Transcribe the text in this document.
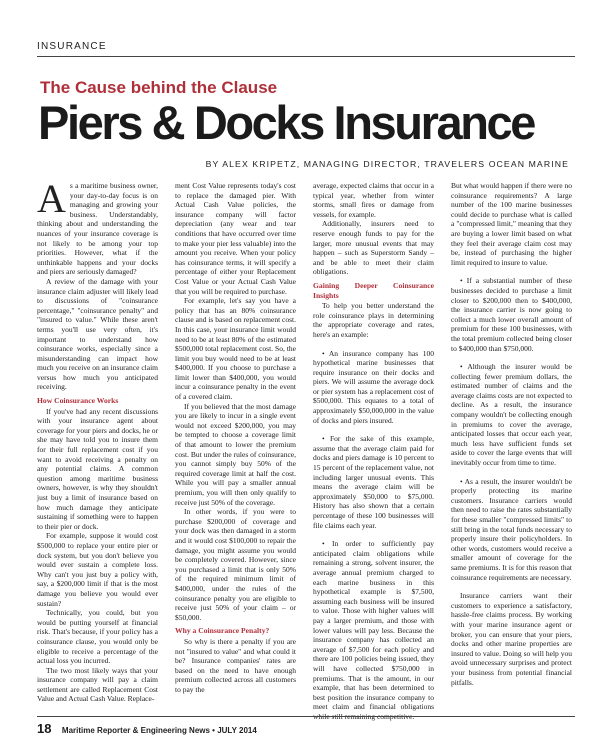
INSURANCE
The Cause behind the Clause
Piers & Docks Insurance
BY ALEX KRIPETZ, MANAGING DIRECTOR, TRAVELERS OCEAN MARINE

As a maritime business owner, your day-to-day focus is on managing and growing your business. Understandably, thinking about and understanding the nuances of your insurance coverage is not likely to be among your top priorities. However, what if the unthinkable happens and your docks and piers are seriously damaged?

A review of the damage with your insurance claim adjuster will likely lead to discussions of "coinsurance percentage," "coinsurance penalty" and "insured to value." While these aren't terms you'll use very often, it's important to understand how coinsurance works, especially since a misunderstanding can impact how much you receive on an insurance claim versus how much you anticipated receiving.

How Coinsurance Works

If you've had any recent discussions with your insurance agent about coverage for your piers and docks, he or she may have told you to insure them for their full replacement cost if you want to avoid receiving a penalty on any potential claims. A common question among maritime business owners, however, is why they shouldn't just buy a limit of insurance based on how much damage they anticipate sustaining if something were to happen to their pier or dock.

For example, suppose it would cost $500,000 to replace your entire pier or dock system, but you don't believe you would ever sustain a complete loss. Why can't you just buy a policy with, say, a $200,000 limit if that is the most damage you believe you would ever sustain?

Technically, you could, but you would be putting yourself at financial risk. That's because, if your policy has a coinsurance clause, you would only be eligible to receive a percentage of the actual loss you incurred.

The two most likely ways that your insurance company will pay a claim settlement are called Replacement Cost Value and Actual Cash Value. Replace-

ment Cost Value represents today's cost to replace the damaged pier. With Actual Cash Value policies, the insurance company will factor depreciation (any wear and tear conditions that have occurred over time to make your pier less valuable) into the amount you receive. When your policy has coinsurance terms, it will specify a percentage of either your Replacement Cost Value or your Actual Cash Value that you will be required to purchase.

For example, let's say you have a policy that has an 80% coinsurance clause and is based on replacement cost. In this case, your insurance limit would need to be at least 80% of the estimated $500,000 total replacement cost. So, the limit you buy would need to be at least $400,000. If you choose to purchase a limit lower than $400,000, you would incur a coinsurance penalty in the event of a covered claim.

If you believed that the most damage you are likely to incur in a single event would not exceed $200,000, you may be tempted to choose a coverage limit of that amount to lower the premium cost. But under the rules of coinsurance, you cannot simply buy 50% of the required coverage limit at half the cost. While you will pay a smaller annual premium, you will then only qualify to receive just 50% of the coverage.

In other words, if you were to purchase $200,000 of coverage and your dock was then damaged in a storm and it would cost $100,000 to repair the damage, you might assume you would be completely covered. However, since you purchased a limit that is only 50% of the required minimum limit of $400,000, under the rules of the coinsurance penalty you are eligible to receive just 50% of your claim – or $50,000.

Why a Coinsurance Penalty?

So why is there a penalty if you are not "insured to value" and what could it be? Insurance companies' rates are based on the need to have enough premium collected across all customers to pay the

average, expected claims that occur in a typical year, whether from winter storms, small fires or damage from vessels, for example.

Additionally, insurers need to reserve enough funds to pay for the larger, more unusual events that may happen – such as Superstorm Sandy – and be able to meet their claim obligations.

Gaining Deeper Coinsurance Insights

To help you better understand the role coinsurance plays in determining the appropriate coverage and rates, here's an example:

• An insurance company has 100 hypothetical marine businesses that require insurance on their docks and piers. We will assume the average dock or pier system has a replacement cost of $500,000. This equates to a total of approximately $50,000,000 in the value of docks and piers insured.

• For the sake of this example, assume that the average claim paid for docks and piers damage is 10 percent to 15 percent of the replacement value, not including larger unusual events. This means the average claim will be approximately $50,000 to $75,000. History has also shown that a certain percentage of these 100 businesses will file claims each year.

• In order to sufficiently pay anticipated claim obligations while remaining a strong, solvent insurer, the average annual premium charged to each marine business in this hypothetical example is $7,500, assuming each business will be insured to value. Those with higher values will pay a larger premium, and those with lower values will pay less. Because the insurance company has collected an average of $7,500 for each policy and there are 100 policies being issued, they will have collected $750,000 in premiums. That is the amount, in our example, that has been determined to best position the insurance company to meet claim and financial obligations while still remaining competitive.

But what would happen if there were no coinsurance requirements? A large number of the 100 marine businesses could decide to purchase what is called a "compressed limit," meaning that they are buying a lower limit based on what they feel their average claim cost may be, instead of purchasing the higher limit required to insure to value.

• If a substantial number of these businesses decided to purchase a limit closer to $200,000 then to $400,000, the insurance carrier is now going to collect a much lower overall amount of premium for these 100 businesses, with the total premium collected being closer to $400,000 than $750,000.

• Although the insurer would be collecting fewer premium dollars, the estimated number of claims and the average claims costs are not expected to decline. As a result, the insurance company wouldn't be collecting enough in premiums to cover the average, anticipated losses that occur each year, much less have sufficient funds set aside to cover the large events that will inevitably occur from time to time.

• As a result, the insurer wouldn't be properly protecting its marine customers. Insurance carriers would then need to raise the rates substantially for these smaller "compressed limits" to still bring in the total funds necessary to properly insure their policyholders. In other words, customers would receive a smaller amount of coverage for the same premiums. It is for this reason that coinsurance requirements are necessary.

Insurance carriers want their customers to experience a satisfactory, hassle-free claims process. By working with your marine insurance agent or broker, you can ensure that your piers, docks and other marine properties are insured to value. Doing so will help you avoid unnecessary surprises and protect your business from potential financial pitfalls.

18 Maritime Reporter & Engineering News • JULY 2014
